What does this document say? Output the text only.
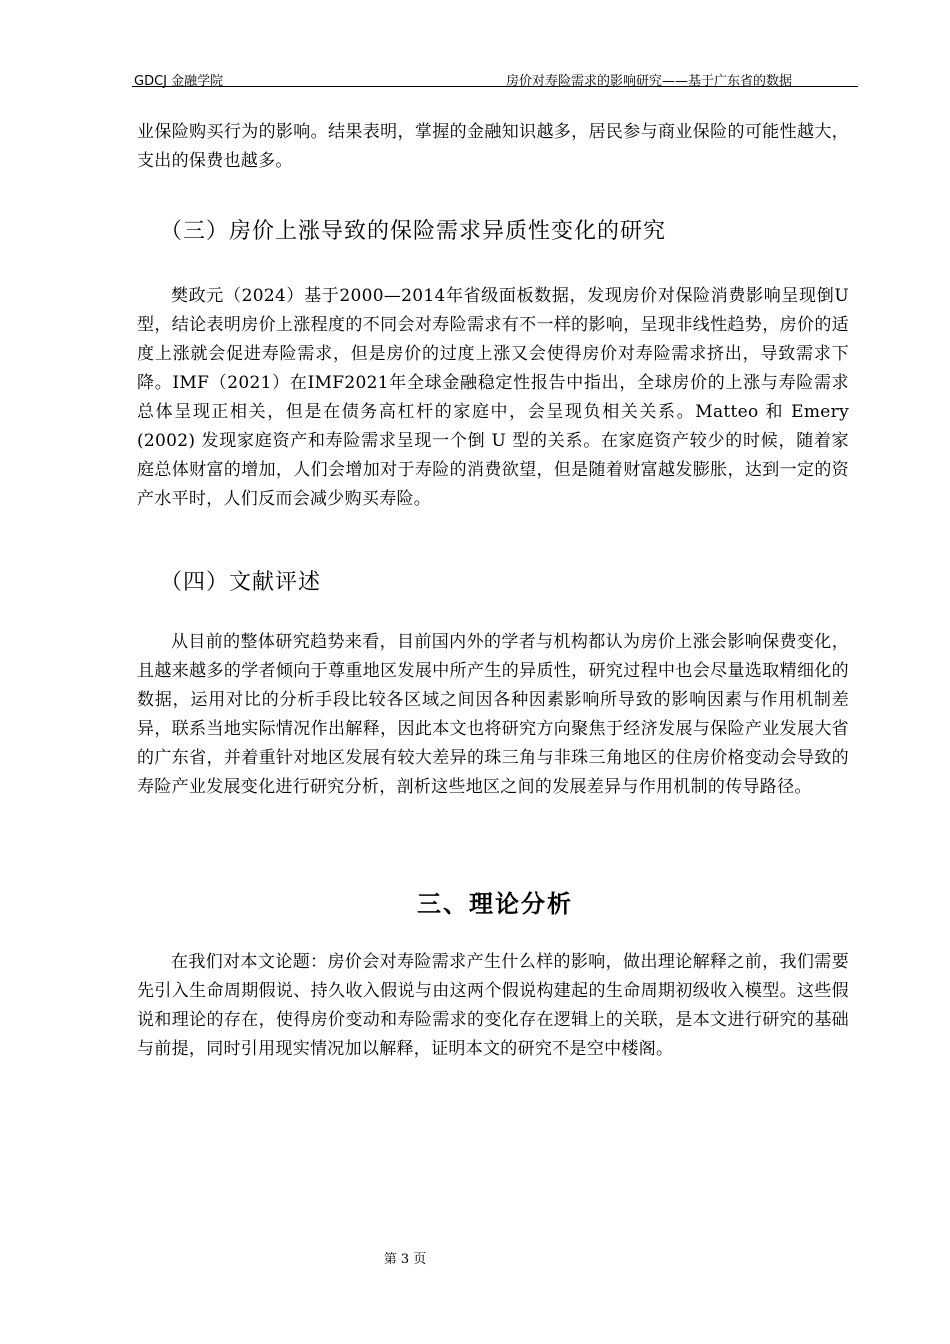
GDCJ 金融学院	房价对寿险需求的影响研究——基于广东省的数据

业保险购买行为的影响。结果表明，掌握的金融知识越多，居民参与商业保险的可能性越大，支出的保费也越多。

（三）房价上涨导致的保险需求异质性变化的研究

樊政元（2024）基于2000—2014年省级面板数据，发现房价对保险消费影响呈现倒U型，结论表明房价上涨程度的不同会对寿险需求有不一样的影响，呈现非线性趋势，房价的适度上涨就会促进寿险需求，但是房价的过度上涨又会使得房价对寿险需求挤出，导致需求下降。IMF（2021）在IMF2021年全球金融稳定性报告中指出，全球房价的上涨与寿险需求总体呈现正相关，但是在债务高杠杆的家庭中，会呈现负相关关系。Matteo 和 Emery (2002) 发现家庭资产和寿险需求呈现一个倒 U 型的关系。在家庭资产较少的时候，随着家庭总体财富的增加，人们会增加对于寿险的消费欲望，但是随着财富越发膨胀，达到一定的资产水平时，人们反而会减少购买寿险。

（四）文献评述

从目前的整体研究趋势来看，目前国内外的学者与机构都认为房价上涨会影响保费变化，且越来越多的学者倾向于尊重地区发展中所产生的异质性，研究过程中也会尽量选取精细化的数据，运用对比的分析手段比较各区域之间因各种因素影响所导致的影响因素与作用机制差异，联系当地实际情况作出解释，因此本文也将研究方向聚焦于经济发展与保险产业发展大省的广东省，并着重针对地区发展有较大差异的珠三角与非珠三角地区的住房价格变动会导致的寿险产业发展变化进行研究分析，剖析这些地区之间的发展差异与作用机制的传导路径。

三、理论分析

在我们对本文论题：房价会对寿险需求产生什么样的影响，做出理论解释之前，我们需要先引入生命周期假说、持久收入假说与由这两个假说构建起的生命周期初级收入模型。这些假说和理论的存在，使得房价变动和寿险需求的变化存在逻辑上的关联，是本文进行研究的基础与前提，同时引用现实情况加以解释，证明本文的研究不是空中楼阁。

第 3 页
